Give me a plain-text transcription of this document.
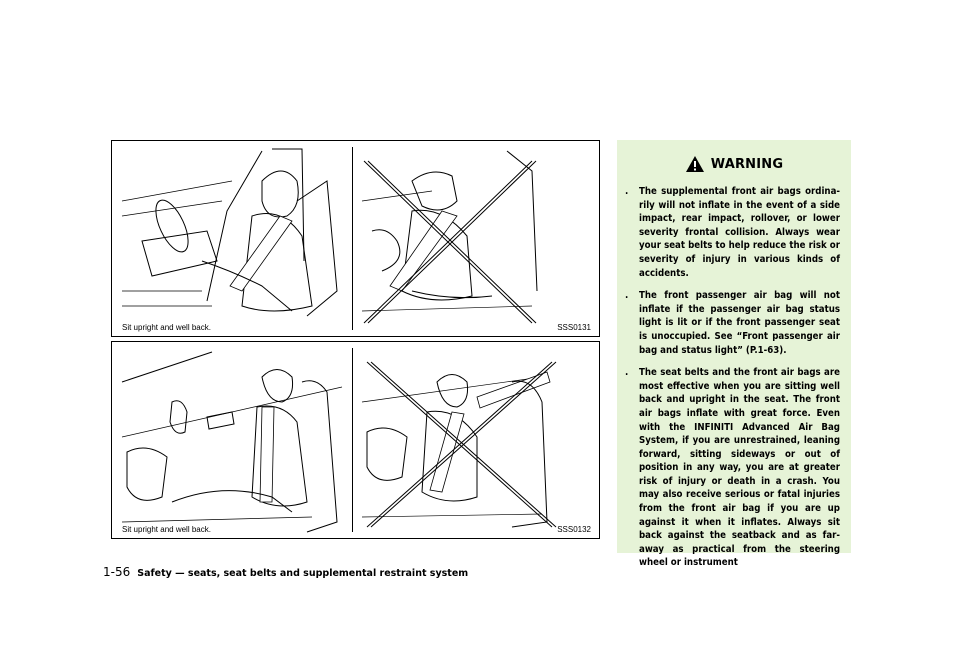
Sit upright and well back.	SSS0131
Sit upright and well back.	SSS0132
WARNING
. The supplemental front air bags ordina-rily will not inflate in the event of a side impact, rear impact, rollover, or lower severity frontal collision. Always wear your seat belts to help reduce the risk or severity of injury in various kinds of accidents.
. The front passenger air bag will not inflate if the passenger air bag status light is lit or if the front passenger seat is unoccupied. See “Front passenger air bag and status light” (P.1-63).
. The seat belts and the front air bags are most effective when you are sitting well back and upright in the seat. The front air bags inflate with great force. Even with the INFINITI Advanced Air Bag System, if you are unrestrained, leaning forward, sitting sideways or out of position in any way, you are at greater risk of injury or death in a crash. You may also receive serious or fatal injuries from the front air bag if you are up against it when it inflates. Always sit back against the seatback and as far-away as practical from the steering wheel or instrument
1-56 Safety — seats, seat belts and supplemental restraint system
